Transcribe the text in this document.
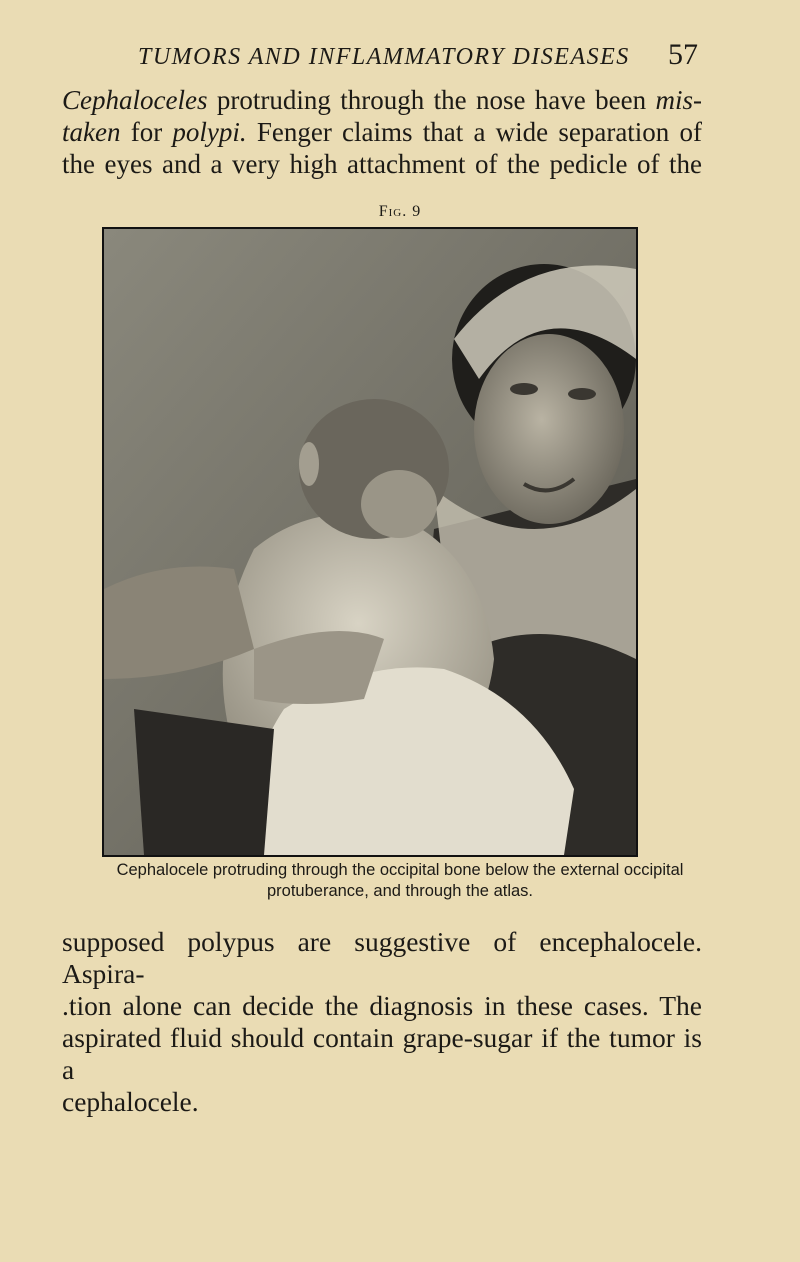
TUMORS AND INFLAMMATORY DISEASES 57
Cephaloceles protruding through the nose have been mis-
taken for polypi. Fenger claims that a wide separation of
the eyes and a very high attachment of the pedicle of the
Fig. 9
Cephalocele protruding through the occipital bone below the external occipital
protuberance, and through the atlas.
supposed polypus are suggestive of encephalocele. Aspira-
.tion alone can decide the diagnosis in these cases. The
aspirated fluid should contain grape-sugar if the tumor is a
cephalocele.
